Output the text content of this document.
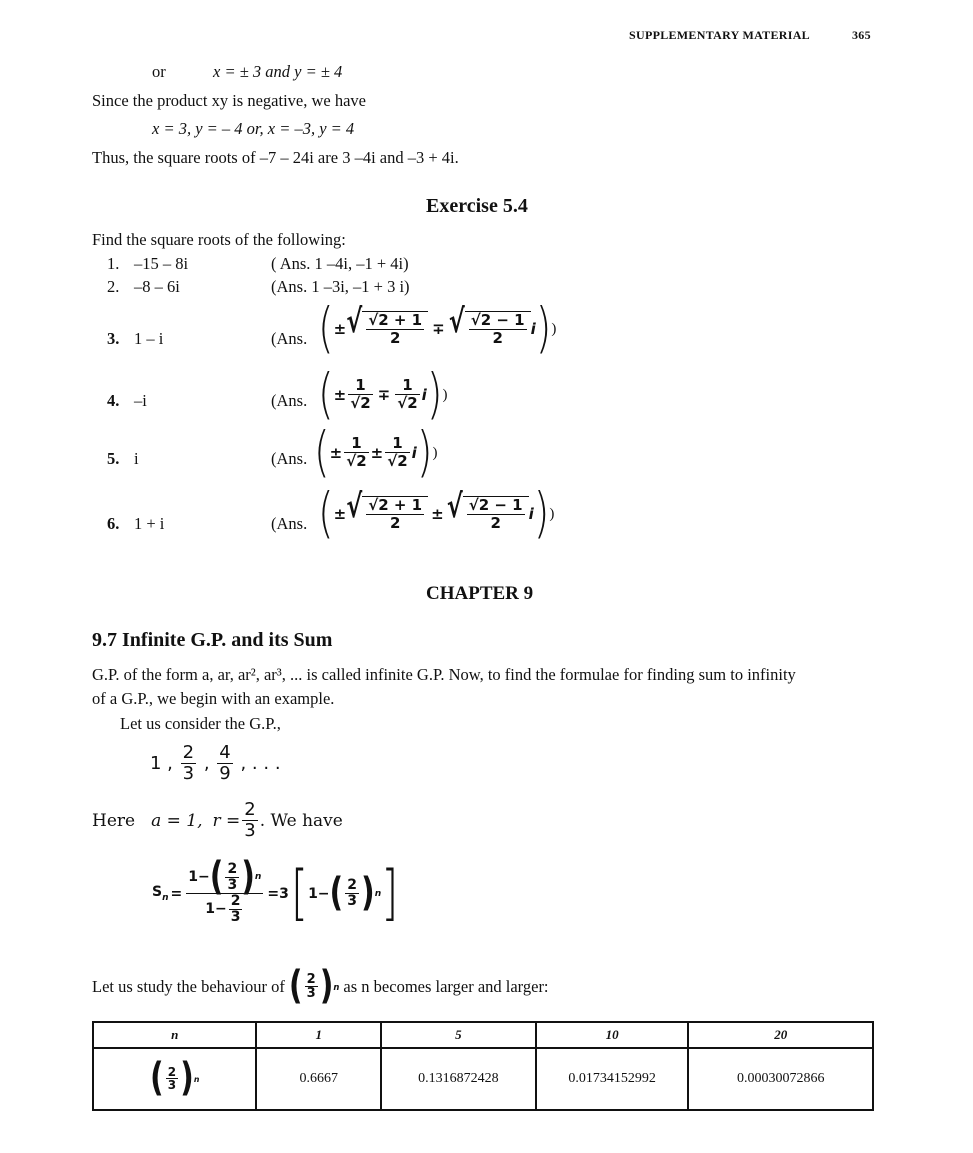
SUPPLEMENTARY MATERIAL	365
or	x = ± 3 and y = ± 4
Since the product xy is negative, we have
x = 3, y = – 4 or, x = –3, y = 4
Thus, the square roots of –7 – 24i are 3 –4i and –3 + 4i.
Exercise 5.4
Find the square roots of the following:
1. –15 – 8i	( Ans. 1 –4i, –1 + 4i)
2. –8 – 6i	(Ans. 1 –3i, –1 + 3 i)
3. 1 – i	(Ans. ( ± √ $\frac{√2 + 1}{2}$ ∓ √ $\frac{√2 - 1}{2}$ i ) )
4. –i	(Ans. ( ± $\frac{1}{√2} \mp \frac{1}{√2}$ i ) )
5. i	(Ans. ( ± $\frac{1}{√2} \pm \frac{1}{√2}$ i ) )
6. 1 + i	(Ans. ( ± √ $\frac{√2 + 1}{2}$ ± √ $\frac{√2 - 1}{2}$ i ) )
CHAPTER 9
9.7 Infinite G.P. and its Sum
G.P. of the form a, ar, ar², ar³, ... is called infinite G.P. Now, to find the formulae for finding sum to infinity
of a G.P., we begin with an example.
Let us consider the G.P.,
1 , $\frac{2}{3}$ , $\frac{4}{9}$ , . . .
Here a = 1, $r = \frac{2}{3}$ . We have
$S_n = \frac{1- ( \frac{2}{3} ) n}{1- \frac{2}{3}} =3$ [ 1− ( $\frac{2}{3}$ ) n ]
Let us study the behaviour of ( $\frac{2}{3}$ ) n as n becomes larger and larger:
n	1	5	10	20

( $\frac{2}{3}$ ) n	0.6667	0.1316872428	0.01734152992	0.00030072866
